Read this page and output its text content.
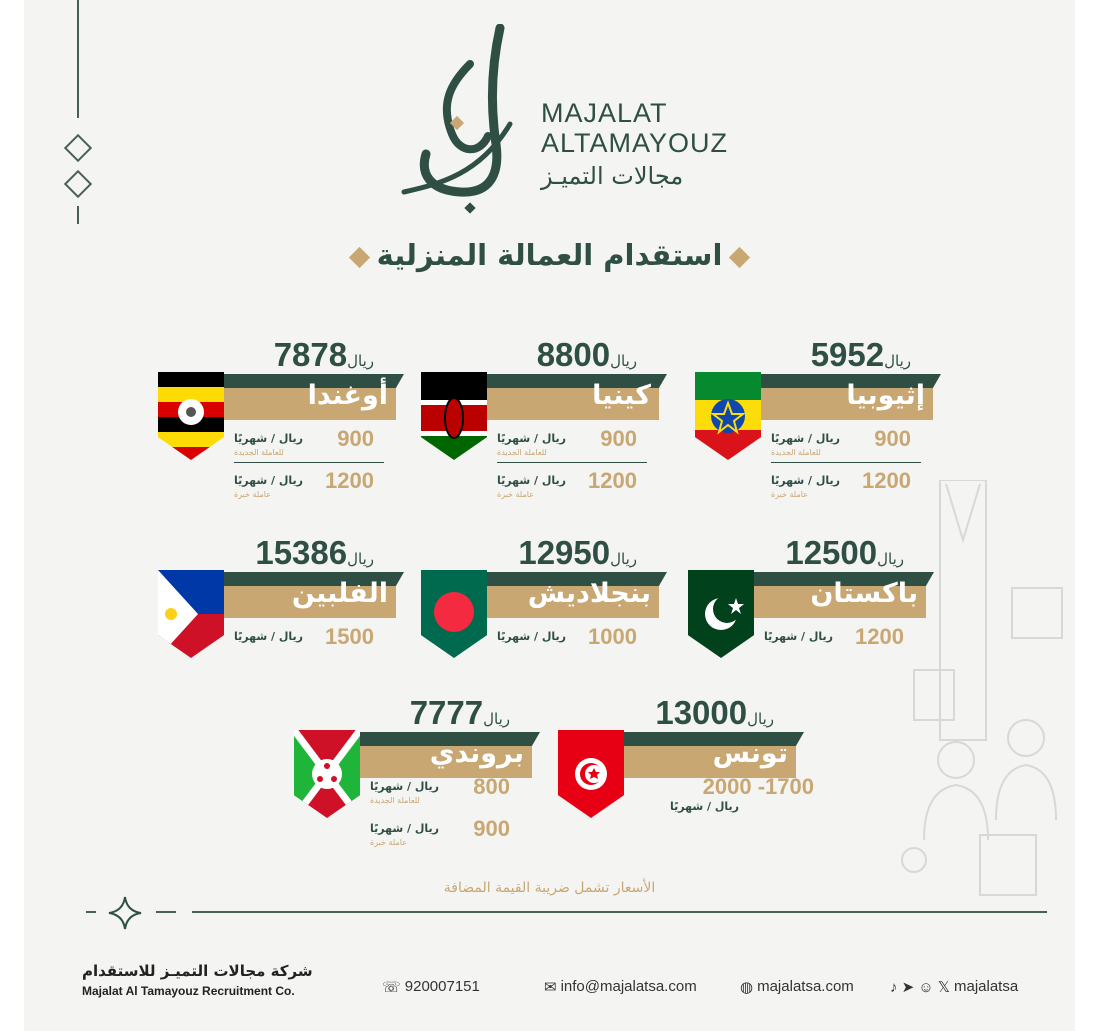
MAJALAT
ALTAMAYOUZ
مجالات التميـز
استقدام العمالة المنزلية
ريال7878
أوغندا
900
ريال / شهريًا
للعاملة الجديدة
1200
ريال / شهريًا
عاملة خبرة
ريال8800
كينيا
900
ريال / شهريًا
للعاملة الجديدة
1200
ريال / شهريًا
عاملة خبرة
ريال5952
إثيوبيا
900
ريال / شهريًا
للعاملة الجديدة
1200
ريال / شهريًا
عاملة خبرة
ريال15386
الفلبين
1500
ريال / شهريًا
ريال12950
بنجلاديش
1000
ريال / شهريًا
ريال12500
باكستان
1200
ريال / شهريًا
ريال7777
بروندي
800
ريال / شهريًا
للعاملة الجديدة
900
ريال / شهريًا
عاملة خبرة
ريال13000
تونس
2000 -1700
ريال / شهريًا
الأسعار تشمل ضريبة القيمة المضافة
شركة مجالات التميـز للاستقدام
Majalat Al Tamayouz Recruitment Co.	☏ 920007151	✉ info@majalatsa.com	◍ majalatsa.com ♪ ➤ ☺ 𝕏 majalatsa
